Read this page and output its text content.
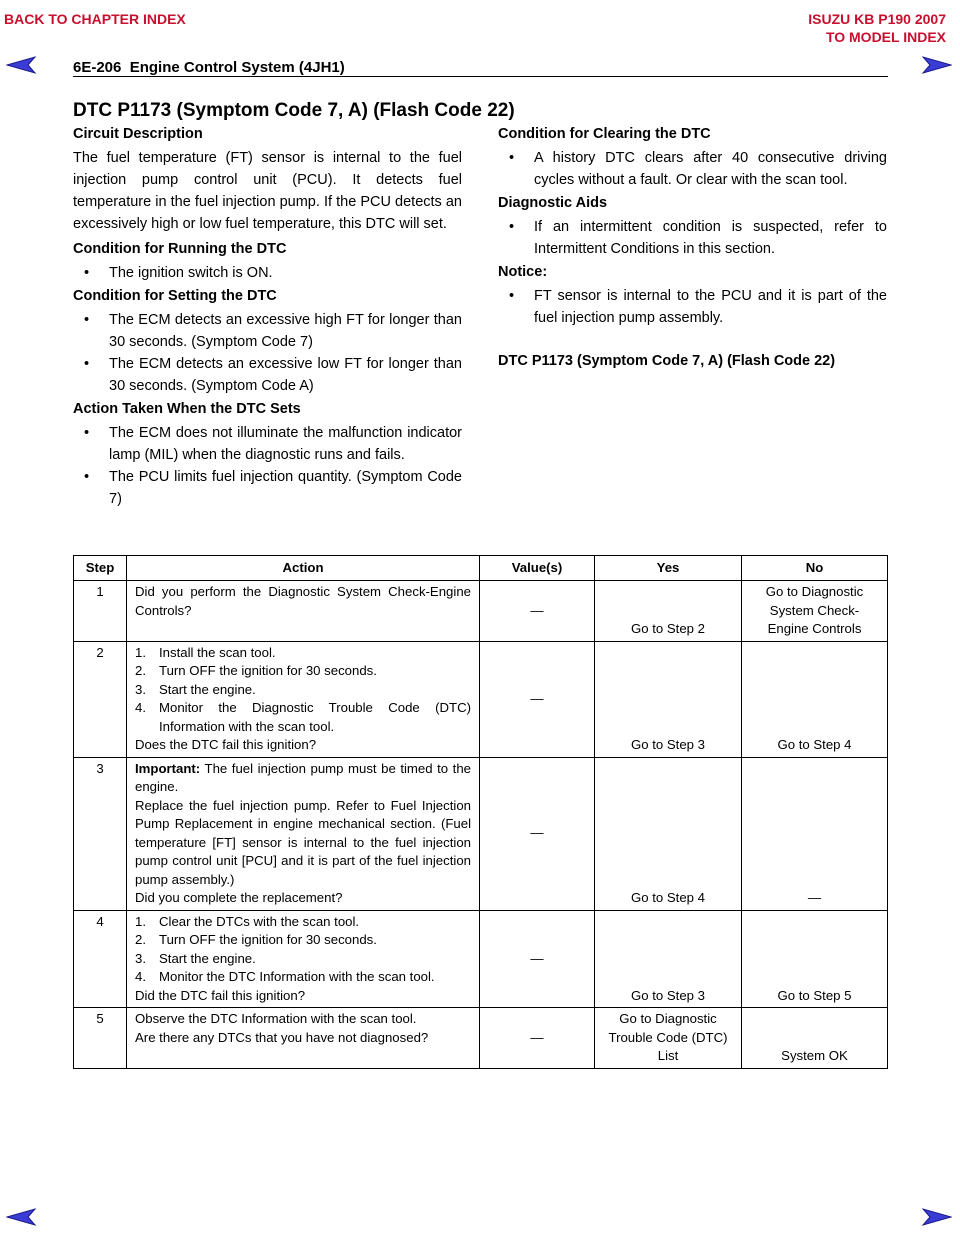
BACK TO CHAPTER INDEX	ISUZU KB P190 2007
TO MODEL INDEX
6E-206  Engine Control System (4JH1)
DTC P1173 (Symptom Code 7, A) (Flash Code 22)

Circuit Description

The fuel temperature (FT) sensor is internal to the fuel injection pump control unit (PCU). It detects fuel temperature in the fuel injection pump. If the PCU detects an excessively high or low fuel temperature, this DTC will set.

Condition for Running the DTC

• The ignition switch is ON.

Condition for Setting the DTC

• The ECM detects an excessive high FT for longer than 30 seconds. (Symptom Code 7)
• The ECM detects an excessive low FT for longer than 30 seconds. (Symptom Code A)

Action Taken When the DTC Sets

• The ECM does not illuminate the malfunction indicator lamp (MIL) when the diagnostic runs and fails.
• The PCU limits fuel injection quantity. (Symptom Code 7)

Condition for Clearing the DTC

• A history DTC clears after 40 consecutive driving cycles without a fault. Or clear with the scan tool.

Diagnostic Aids

• If an intermittent condition is suspected, refer to Intermittent Conditions in this section.

Notice:

• FT sensor is internal to the PCU and it is part of the fuel injection pump assembly.

DTC P1173 (Symptom Code 7, A) (Flash Code 22)

Step	Action	Value(s)	Yes	No
1	Did you perform the Diagnostic System Check-Engine Controls?	—	Go to Step 2	Go to Diagnostic
System Check-
Engine Controls

2	1. Install the scan tool.
2. Turn OFF the ignition for 30 seconds.
3. Start the engine.
4. Monitor the Diagnostic Trouble Code (DTC) Information with the scan tool.
Does the DTC fail this ignition?	—	Go to Step 3	Go to Step 4
3	Important: The fuel injection pump must be timed to the engine.
Replace the fuel injection pump. Refer to Fuel Injection Pump Replacement in engine mechanical section. (Fuel temperature [FT] sensor is internal to the fuel injection pump control unit [PCU] and it is part of the fuel injection pump assembly.)
Did you complete the replacement?	—	Go to Step 4	—
4	1. Clear the DTCs with the scan tool.
2. Turn OFF the ignition for 30 seconds.
3. Start the engine.
4. Monitor the DTC Information with the scan tool.
Did the DTC fail this ignition?	—	Go to Step 3	Go to Step 5
5	Observe the DTC Information with the scan tool.
Are there any DTCs that you have not diagnosed?	—	Go to Diagnostic
Trouble Code (DTC)
List	System OK
